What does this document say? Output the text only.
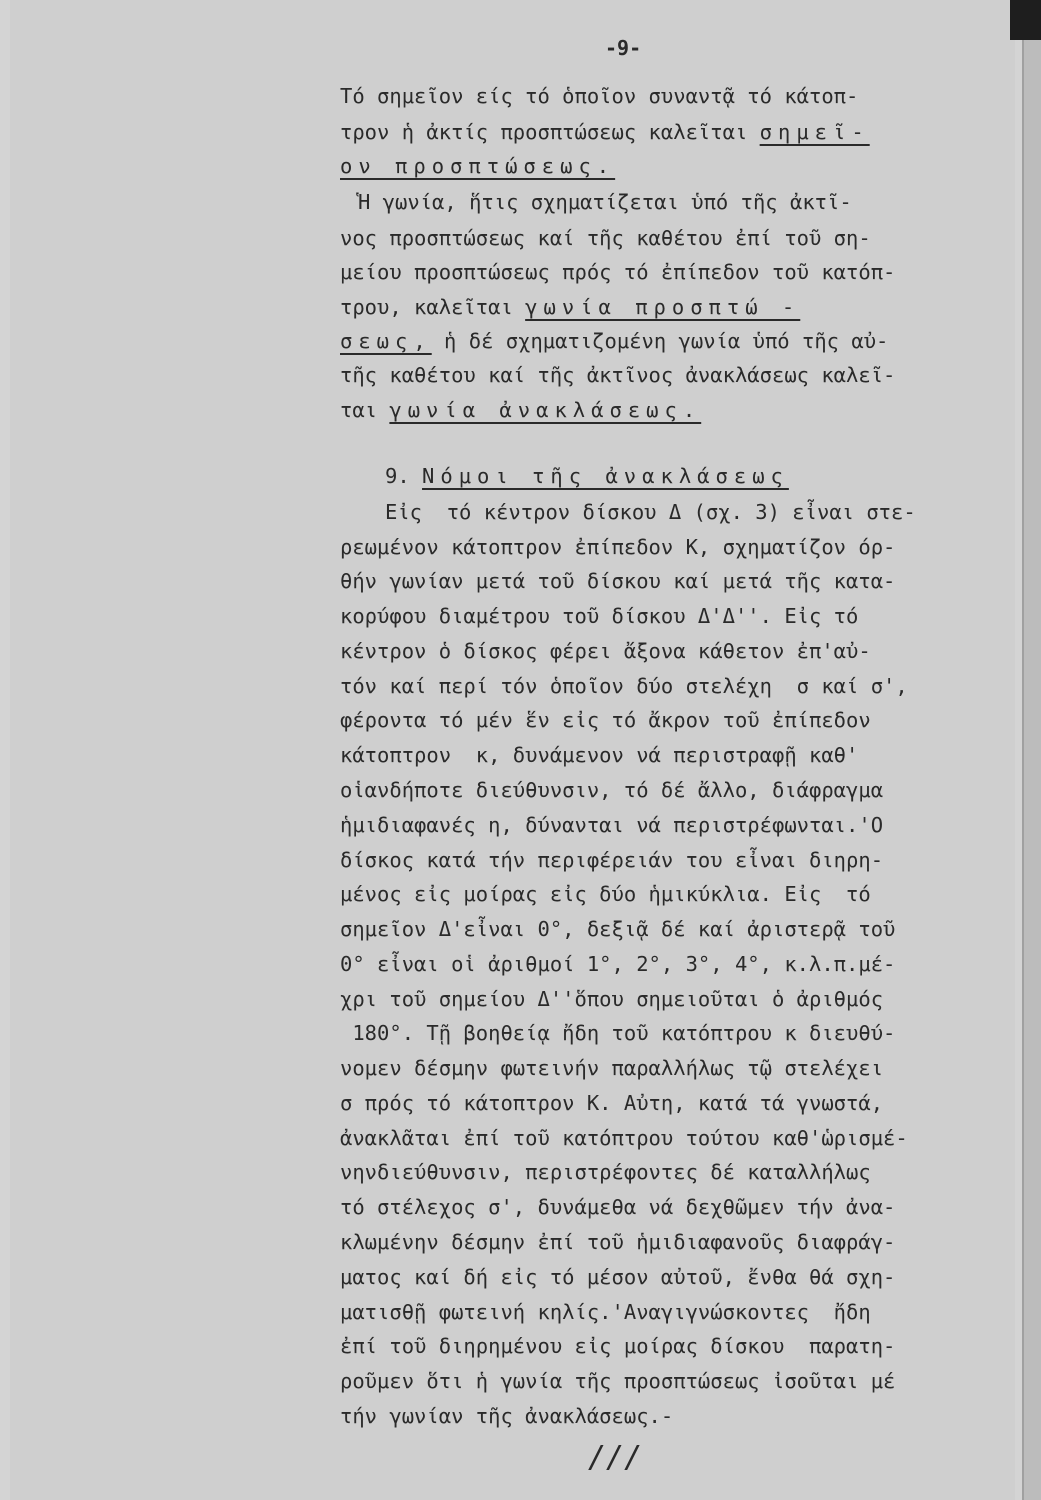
-9-
Τό σημεῖον είς τό ὁποῖον συναντᾷ τό κάτοπ-
τρον ἡ ἀκτίς προσπτώσεως καλεῖται σημεῖ-
ον προσπτώσεως.
Ἡ γωνία, ἥτις σχηματίζεται ὑπό τῆς ἀκτῖ-
νος προσπτώσεως καί τῆς καθέτου ἐπί τοῦ ση-
μείου προσπτώσεως πρός τό ἐπίπεδον τοῦ κατόπ-
τρου, καλεῖται γωνία προσπτώ -
σεως, ἡ δέ σχηματιζομένη γωνία ὑπό τῆς αὐ-
τῆς καθέτου καί τῆς ἀκτῖνος ἀνακλάσεως καλεῖ-
ται γωνία ἀνακλάσεως.
9. Νόμοι τῆς ἀνακλάσεως
Εἰς  τό κέντρον δίσκου Δ (σχ. 3) εἶναι στε-
ρεωμένον κάτοπτρον ἐπίπεδον Κ, σχηματίζον όρ-
θήν γωνίαν μετά τοῦ δίσκου καί μετά τῆς κατα-
κορύφου διαμέτρου τοῦ δίσκου Δ'Δ''. Εἰς τό
κέντρον ὁ δίσκος φέρει ἄξονα κάθετον ἐπ'αὐ-
τόν καί περί τόν ὁποῖον δύο στελέχη  σ καί σ',
φέροντα τό μέν ἕν εἰς τό ἄκρον τοῦ ἐπίπεδον
κάτοπτρον  κ, δυνάμενον νά περιστραφῇ καθ'
οἱανδήποτε διεύθυνσιν, τό δέ ἄλλο, διάφραγμα
ἡμιδιαφανές η, δύνανται νά περιστρέφωνται.'Ο
δίσκος κατά τήν περιφέρειάν του εἶναι διηρη-
μένος εἰς μοίρας εἰς δύο ἡμικύκλια. Εἰς  τό
σημεῖον Δ'εἶναι 0°, δεξιᾷ δέ καί ἀριστερᾷ τοῦ
0° εἶναι οἱ ἀριθμοί 1°, 2°, 3°, 4°, κ.λ.π.μέ-
χρι τοῦ σημείου Δ''ὅπου σημειοῦται ὁ ἀριθμός
180°. Τῇ βοηθείᾳ ἤδη τοῦ κατόπτρου κ διευθύ-
νομεν δέσμην φωτεινήν παραλλήλως τῷ στελέχει
σ πρός τό κάτοπτρον Κ. Αὐτη, κατά τά γνωστά,
ἀνακλᾶται ἐπί τοῦ κατόπτρου τούτου καθ'ὡρισμέ-
νηνδιεύθυνσιν, περιστρέφοντες δέ καταλλήλως
τό στέλεχος σ', δυνάμεθα νά δεχθῶμεν τήν ἀνα-
κλωμένην δέσμην ἐπί τοῦ ἡμιδιαφανοῦς διαφράγ-
ματος καί δή εἰς τό μέσον αὐτοῦ, ἔνθα θά σχη-
ματισθῇ φωτεινή κηλίς.'Αναγιγνώσκοντες  ἤδη
ἐπί τοῦ διηρημένου εἰς μοίρας δίσκου  παρατη-
ροῦμεν ὅτι ἡ γωνία τῆς προσπτώσεως ἰσοῦται μέ
τήν γωνίαν τῆς ἀνακλάσεως.-
///
